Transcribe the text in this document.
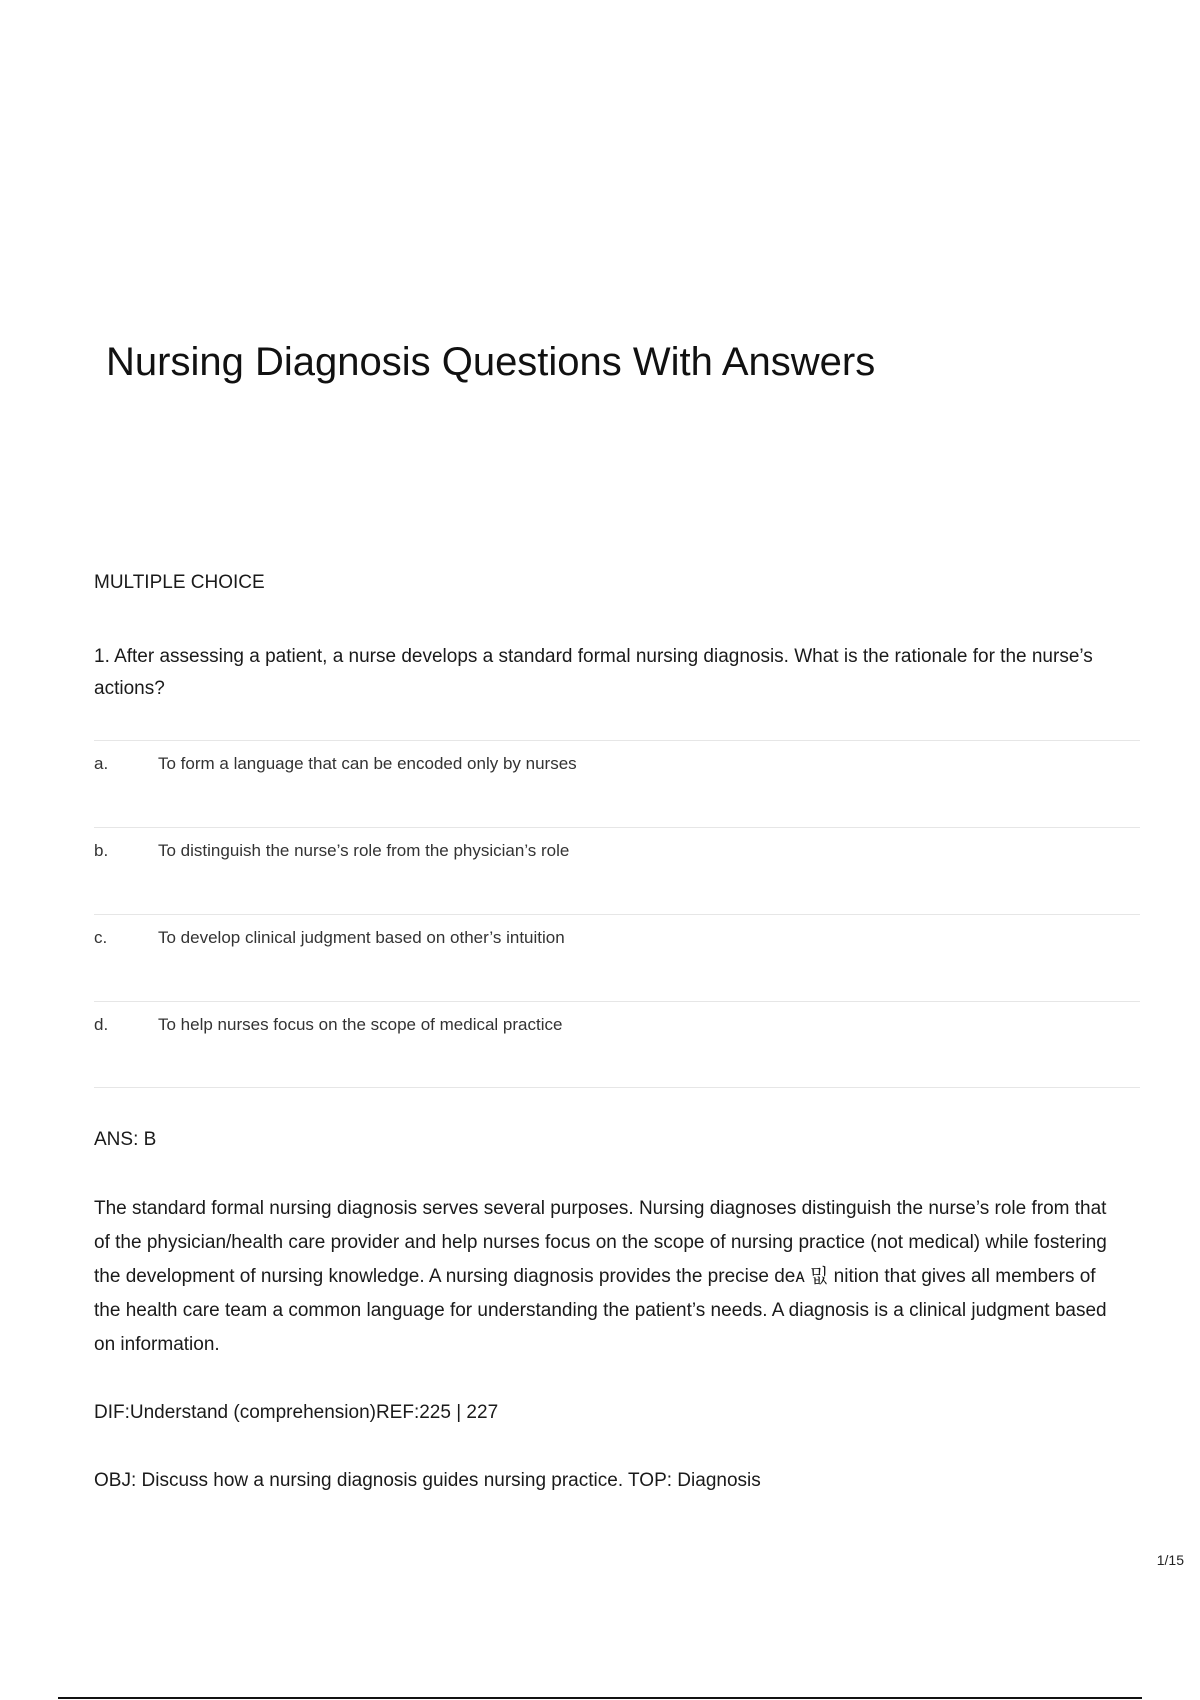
Nursing Diagnosis Questions With Answers
MULTIPLE CHOICE
1. After assessing a patient, a nurse develops a standard formal nursing diagnosis. What is the rationale for the nurse’s actions?
a.	To form a language that can be encoded only by nurses
b.	To distinguish the nurse’s role from the physician’s role
c.	To develop clinical judgment based on other’s intuition
d.	To help nurses focus on the scope of medical practice
ANS: B
The standard formal nursing diagnosis serves several purposes. Nursing diagnoses distinguish the nurse’s role from that of the physician/health care provider and help nurses focus on the scope of nursing practice (not medical) while fostering the development of nursing knowledge. A nursing diagnosis provides the precise deᴀ 밊 nition that gives all members of the health care team a common language for understanding the patient’s needs. A diagnosis is a clinical judgment based on information.
DIF:Understand (comprehension)REF:225 | 227
OBJ: Discuss how a nursing diagnosis guides nursing practice. TOP: Diagnosis
1/15
